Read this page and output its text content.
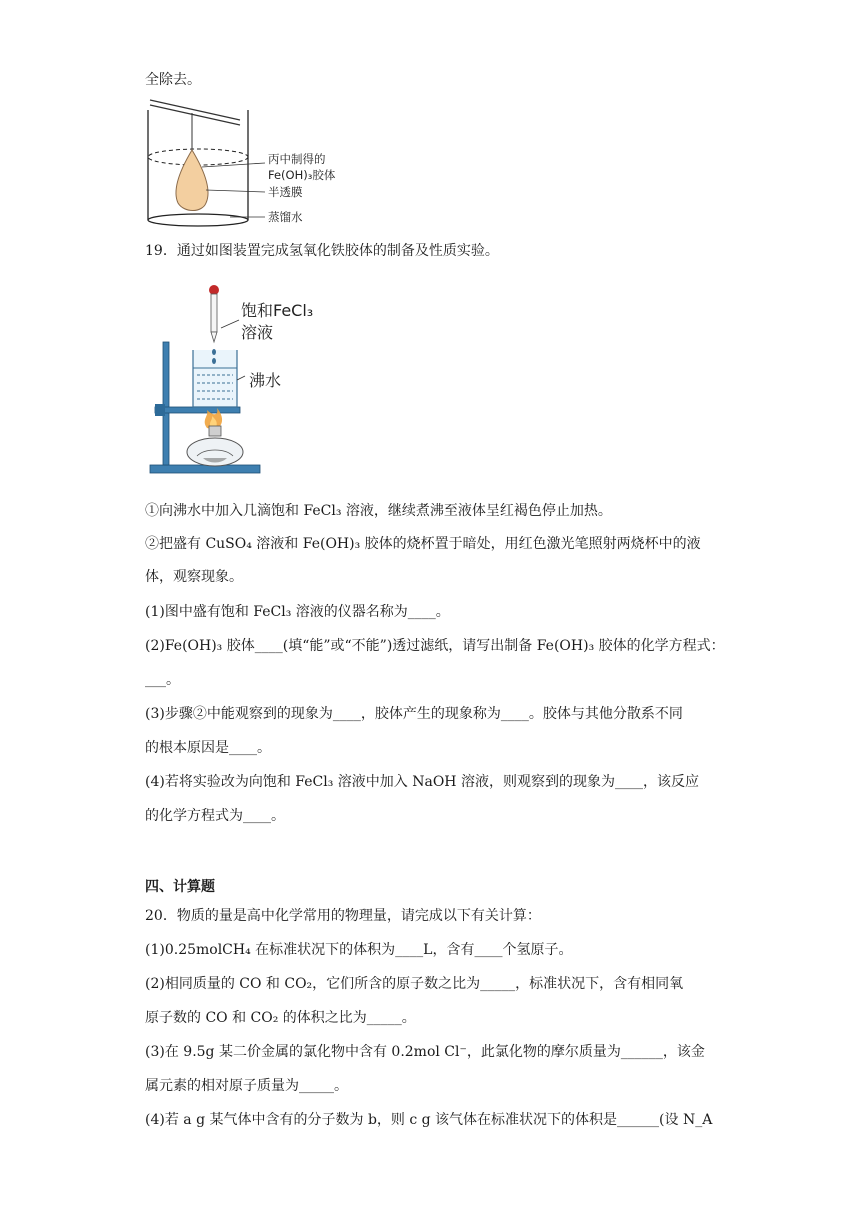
全除去。
丙中制得的
Fe(OH)₃胶体
半透膜
蒸馏水
19．通过如图装置完成氢氧化铁胶体的制备及性质实验。
饱和FeCl₃
溶液
沸水
①向沸水中加入几滴饱和 FeCl₃ 溶液，继续煮沸至液体呈红褐色停止加热。
②把盛有 CuSO₄ 溶液和 Fe(OH)₃ 胶体的烧杯置于暗处，用红色激光笔照射两烧杯中的液
体，观察现象。
(1)图中盛有饱和 FeCl₃ 溶液的仪器名称为____。
(2)Fe(OH)₃ 胶体____(填“能”或“不能”)透过滤纸，请写出制备 Fe(OH)₃ 胶体的化学方程式：
___。
(3)步骤②中能观察到的现象为____，胶体产生的现象称为____。胶体与其他分散系不同
的根本原因是____。
(4)若将实验改为向饱和 FeCl₃ 溶液中加入 NaOH 溶液，则观察到的现象为____，该反应
的化学方程式为____。
四、计算题
20．物质的量是高中化学常用的物理量，请完成以下有关计算：
(1)0.25molCH₄ 在标准状况下的体积为____L，含有____个氢原子。
(2)相同质量的 CO 和 CO₂，它们所含的原子数之比为_____，标准状况下，含有相同氧
原子数的 CO 和 CO₂ 的体积之比为_____。
(3)在 9.5g 某二价金属的氯化物中含有 0.2mol Cl⁻，此氯化物的摩尔质量为______，该金
属元素的相对原子质量为_____。
(4)若 a g 某气体中含有的分子数为 b，则 c g 该气体在标准状况下的体积是______(设 N_A
